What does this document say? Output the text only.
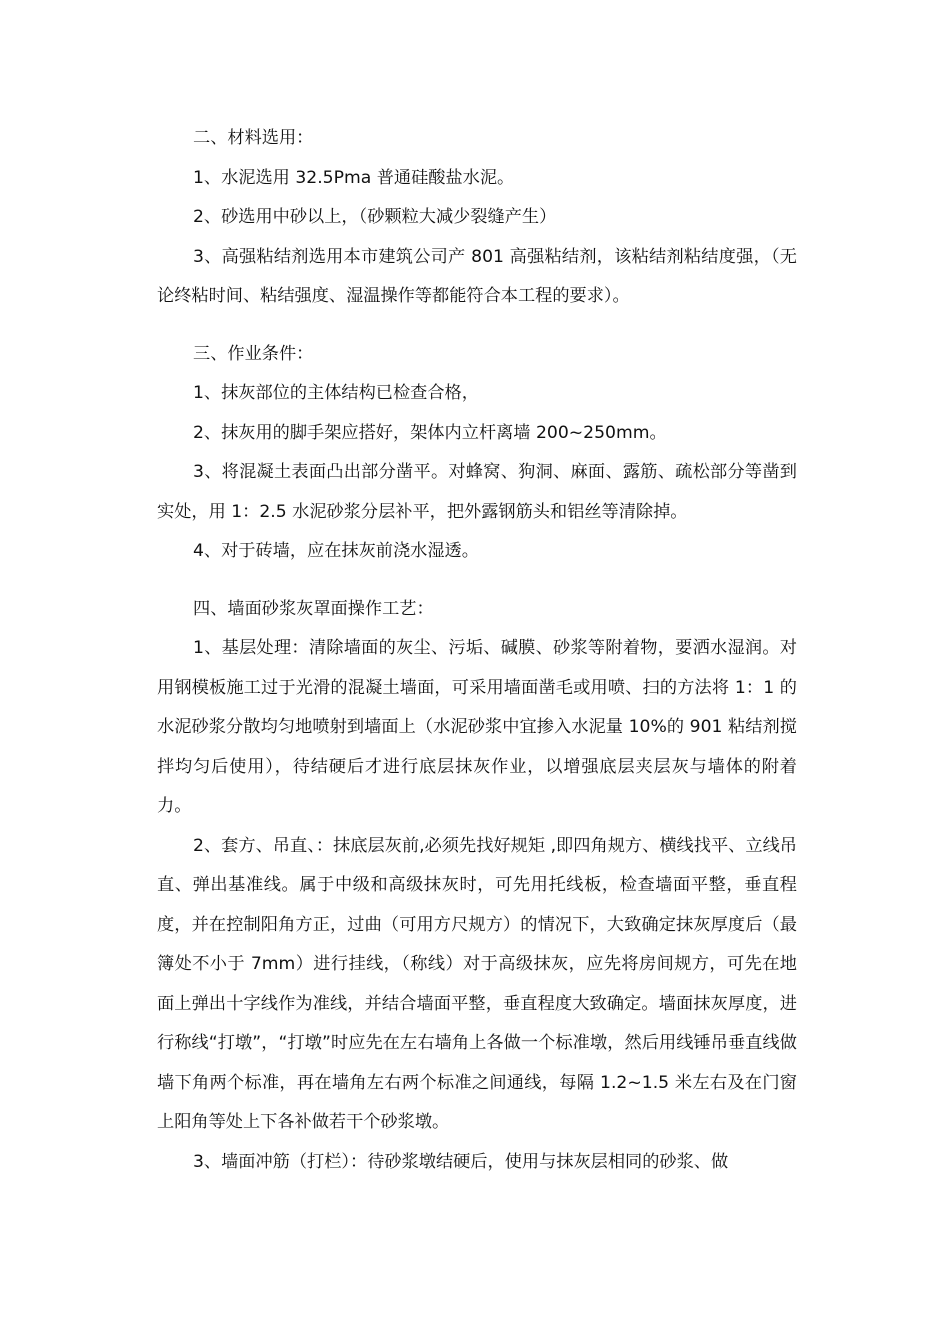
二、材料选用：

1、水泥选用 32.5Pma 普通硅酸盐水泥。

2、砂选用中砂以上，（砂颗粒大减少裂缝产生）

3、高强粘结剂选用本市建筑公司产 801 高强粘结剂，该粘结剂粘结度强，（无论终粘时间、粘结强度、湿温操作等都能符合本工程的要求）。

三、作业条件：

1、抹灰部位的主体结构已检查合格，

2、抹灰用的脚手架应搭好，架体内立杆离墙 200~250mm。

3、将混凝土表面凸出部分凿平。对蜂窝、狗洞、麻面、露筋、疏松部分等凿到实处，用 1：2.5 水泥砂浆分层补平，把外露钢筋头和铝丝等清除掉。

4、对于砖墙，应在抹灰前浇水湿透。

四、墙面砂浆灰罩面操作工艺：

1、基层处理：清除墙面的灰尘、污垢、碱膜、砂浆等附着物，要洒水湿润。对用钢模板施工过于光滑的混凝土墙面，可采用墙面凿毛或用喷、扫的方法将 1：1 的水泥砂浆分散均匀地喷射到墙面上（水泥砂浆中宜掺入水泥量 10%的 901 粘结剂搅拌均匀后使用），待结硬后才进行底层抹灰作业，以增强底层夹层灰与墙体的附着力。

2、套方、吊直、：抹底层灰前,必须先找好规矩 ,即四角规方、横线找平、立线吊直、弹出基准线。属于中级和高级抹灰时，可先用托线板，检查墙面平整，垂直程度，并在控制阳角方正，过曲（可用方尺规方）的情况下，大致确定抹灰厚度后（最簿处不小于 7mm）进行挂线，（称线）对于高级抹灰，应先将房间规方，可先在地面上弹出十字线作为准线，并结合墙面平整，垂直程度大致确定。墙面抹灰厚度，进行称线“打墩”，“打墩”时应先在左右墙角上各做一个标准墩，然后用线锤吊垂直线做墙下角两个标准，再在墙角左右两个标准之间通线，每隔 1.2~1.5 米左右及在门窗上阳角等处上下各补做若干个砂浆墩。

3、墙面冲筋（打栏）：待砂浆墩结硬后，使用与抹灰层相同的砂浆、做
